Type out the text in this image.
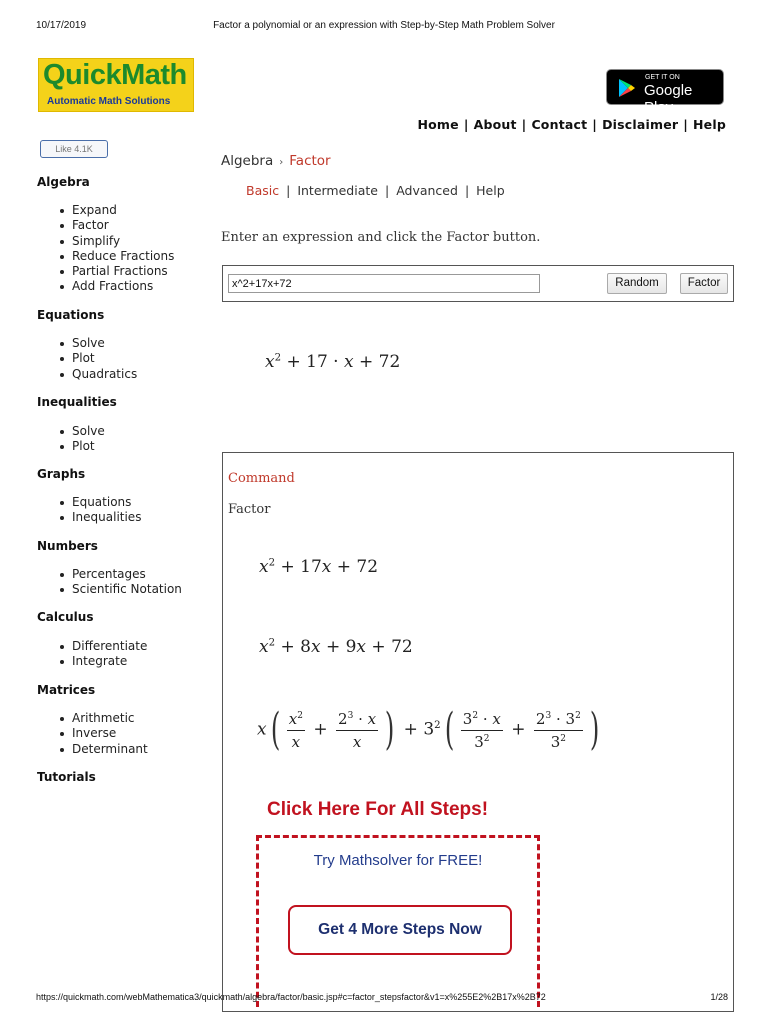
10/17/2019	Factor a polynomial or an expression with Step-by-Step Math Problem Solver
QuickMath
Automatic Math Solutions
GET IT ON
Google Play
Home | About | Contact | Disclaimer | Help
Like 4.1K
Algebra
Expand
Factor
Simplify
Reduce Fractions
Partial Fractions
Add Fractions
Equations
Solve
Plot
Quadratics
Inequalities
Solve
Plot
Graphs
Equations
Inequalities
Numbers
Percentages
Scientific Notation
Calculus
Differentiate
Integrate
Matrices
Arithmetic
Inverse
Determinant
Tutorials
Algebra › Factor
Basic | Intermediate | Advanced | Help
Enter an expression and click the Factor button.
x^2+17x+72
Random	Factor
$x^2 + 17 \cdot x + 72$
Command
Factor
$x^2 + 17x + 72$
$x^2 + 8x + 9x + 72$
$x( \frac{x^2}{x} + \frac{2^3 \cdot x}{x}$ ) + $3^2( \frac{3^2 \cdot x}{3^2} + \frac{2^3 \cdot 3^2}{3^2}$ )
Click Here For All Steps!
Try Mathsolver for FREE!
Get 4 More Steps Now
https://quickmath.com/webMathematica3/quickmath/algebra/factor/basic.jsp#c=factor_stepsfactor&v1=x%255E2%2B17x%2B72	1/28
